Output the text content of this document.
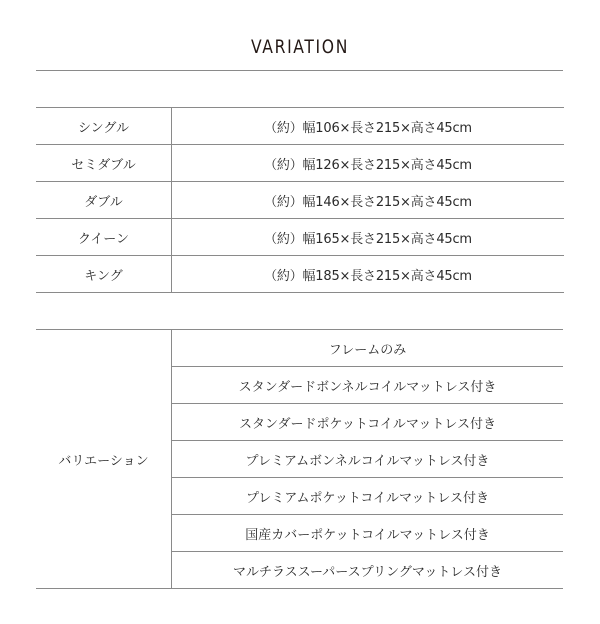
VARIATION
シングル	（約）幅106×長さ215×高さ45cm
セミダブル	（約）幅126×長さ215×高さ45cm
ダブル	（約）幅146×長さ215×高さ45cm
クイーン	（約）幅165×長さ215×高さ45cm
キング	（約）幅185×長さ215×高さ45cm
バリエーション	フレームのみ
スタンダードボンネルコイルマットレス付き
スタンダードポケットコイルマットレス付き
プレミアムボンネルコイルマットレス付き
プレミアムポケットコイルマットレス付き
国産カバーポケットコイルマットレス付き
マルチラススーパースプリングマットレス付き
